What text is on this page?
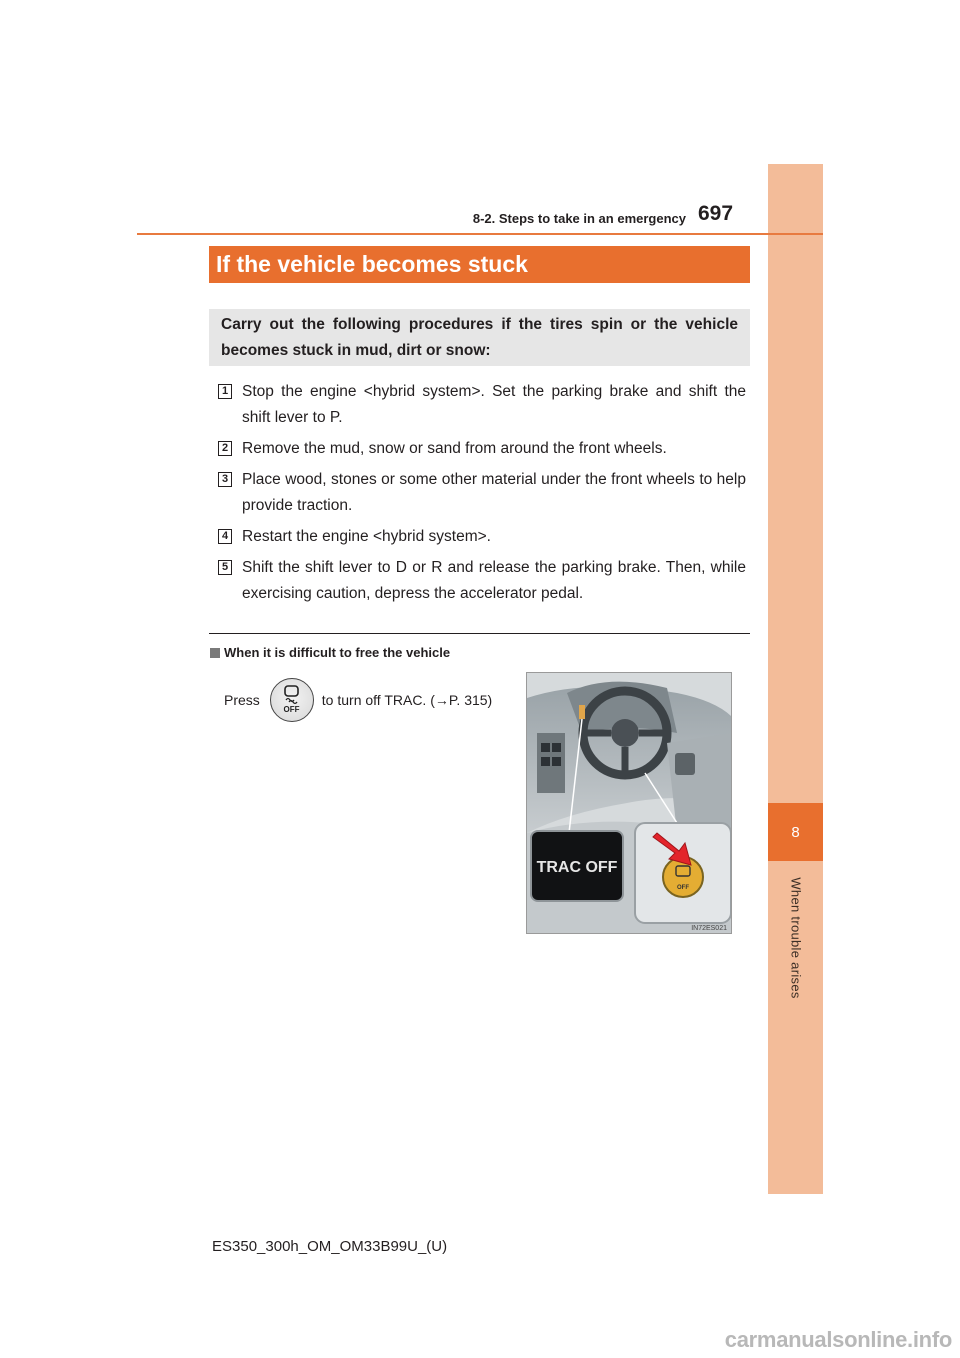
8
When trouble arises
8-2. Steps to take in an emergency 697
If the vehicle becomes stuck
Carry out the following procedures if the tires spin or the vehicle becomes stuck in mud, dirt or snow:
1 Stop the engine <hybrid system>. Set the parking brake and shift the shift lever to P.
2 Remove the mud, snow or sand from around the front wheels.
3 Place wood, stones or some other material under the front wheels to help provide traction.
4 Restart the engine <hybrid system>.
5 Shift the shift lever to D or R and release the parking brake. Then, while exercising caution, depress the accelerator pedal.
When it is difficult to free the vehicle
Press
OFF
to turn off TRAC. (→P. 315)
TRAC OFF
OFF
IN72ES021
ES350_300h_OM_OM33B99U_(U)
carmanualsonline.info
